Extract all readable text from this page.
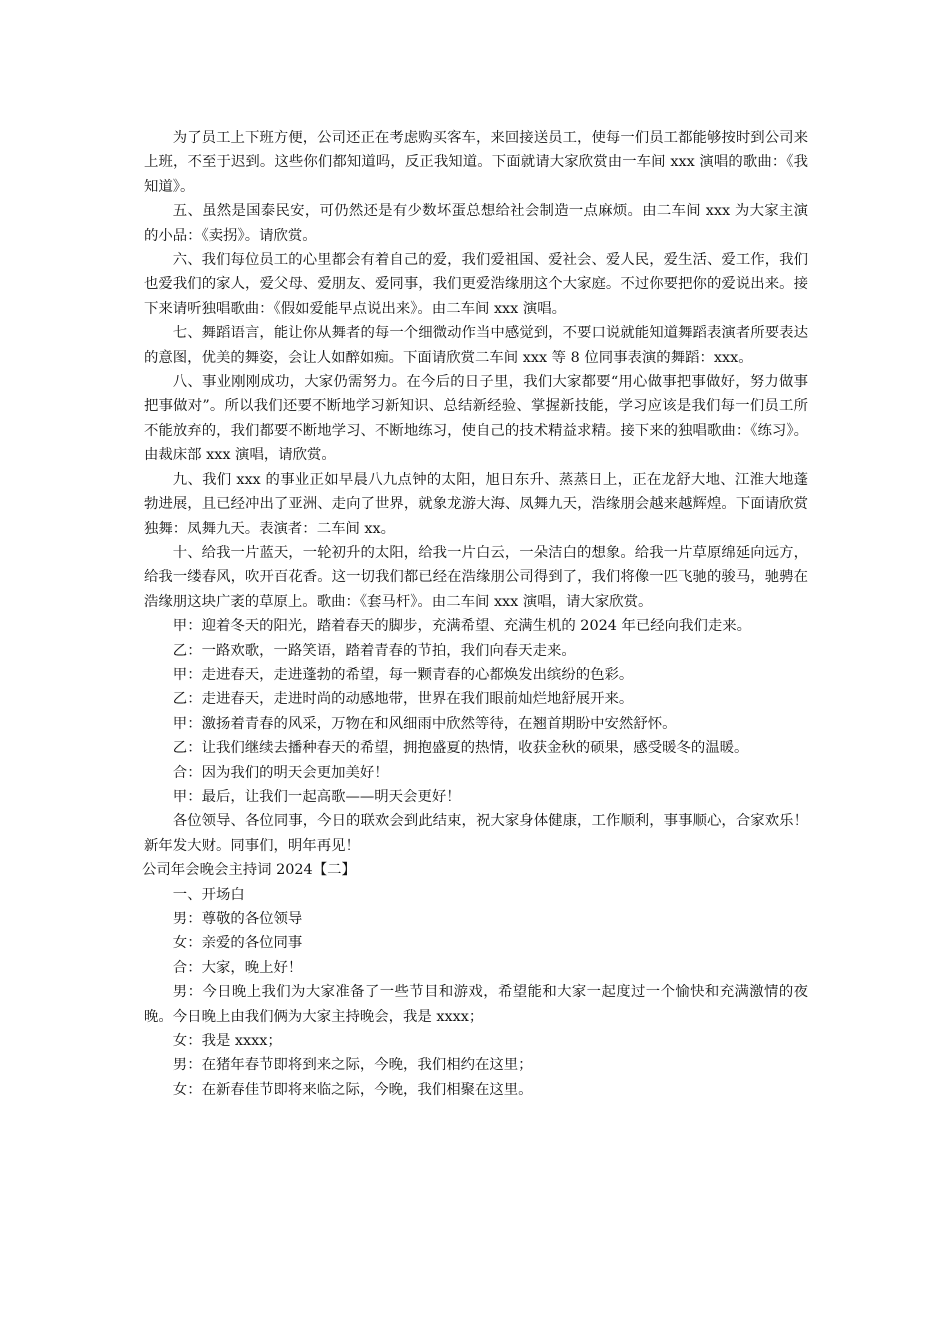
为了员工上下班方便，公司还正在考虑购买客车，来回接送员工，使每一们员工都能够按时到公司来上班，不至于迟到。这些你们都知道吗，反正我知道。下面就请大家欣赏由一车间 xxx 演唱的歌曲：《我知道》。

五、虽然是国泰民安，可仍然还是有少数坏蛋总想给社会制造一点麻烦。由二车间 xxx 为大家主演的小品：《卖拐》。请欣赏。

六、我们每位员工的心里都会有着自己的爱，我们爱祖国、爱社会、爱人民，爱生活、爱工作，我们也爱我们的家人，爱父母、爱朋友、爱同事，我们更爱浩缘朋这个大家庭。不过你要把你的爱说出来。接下来请听独唱歌曲：《假如爱能早点说出来》。由二车间 xxx 演唱。

七、舞蹈语言，能让你从舞者的每一个细微动作当中感觉到，不要口说就能知道舞蹈表演者所要表达的意图，优美的舞姿，会让人如醉如痴。下面请欣赏二车间 xxx 等 8 位同事表演的舞蹈：xxx。

八、事业刚刚成功，大家仍需努力。在今后的日子里，我们大家都要“用心做事把事做好，努力做事把事做对”。所以我们还要不断地学习新知识、总结新经验、掌握新技能，学习应该是我们每一们员工所不能放弃的，我们都要不断地学习、不断地练习，使自己的技术精益求精。接下来的独唱歌曲：《练习》。由裁床部 xxx 演唱，请欣赏。

九、我们 xxx 的事业正如早晨八九点钟的太阳，旭日东升、蒸蒸日上，正在龙舒大地、江淮大地蓬勃进展，且已经冲出了亚洲、走向了世界，就象龙游大海、凤舞九天，浩缘朋会越来越辉煌。下面请欣赏独舞：凤舞九天。表演者：二车间 xx。

十、给我一片蓝天，一轮初升的太阳，给我一片白云，一朵洁白的想象。给我一片草原绵延向远方，给我一缕春风，吹开百花香。这一切我们都已经在浩缘朋公司得到了，我们将像一匹飞驰的骏马，驰骋在浩缘朋这块广袤的草原上。歌曲：《套马杆》。由二车间 xxx 演唱，请大家欣赏。

甲：迎着冬天的阳光，踏着春天的脚步，充满希望、充满生机的 2024 年已经向我们走来。

乙：一路欢歌，一路笑语，踏着青春的节拍，我们向春天走来。

甲：走进春天，走进蓬勃的希望，每一颗青春的心都焕发出缤纷的色彩。

乙：走进春天，走进时尚的动感地带，世界在我们眼前灿烂地舒展开来。

甲：激扬着青春的风采，万物在和风细雨中欣然等待，在翘首期盼中安然舒怀。

乙：让我们继续去播种春天的希望，拥抱盛夏的热情，收获金秋的硕果，感受暖冬的温暖。

合：因为我们的明天会更加美好！

甲：最后，让我们一起高歌——明天会更好！

各位领导、各位同事，今日的联欢会到此结束，祝大家身体健康，工作顺利，事事顺心，合家欢乐！新年发大财。同事们，明年再见！

公司年会晚会主持词 2024【二】

一、开场白

男：尊敬的各位领导

女：亲爱的各位同事

合：大家，晚上好！

男：今日晚上我们为大家准备了一些节目和游戏，希望能和大家一起度过一个愉快和充满激情的夜晚。今日晚上由我们俩为大家主持晚会，我是 xxxx；

女：我是 xxxx；

男：在猪年春节即将到来之际，今晚，我们相约在这里；

女：在新春佳节即将来临之际，今晚，我们相聚在这里。
